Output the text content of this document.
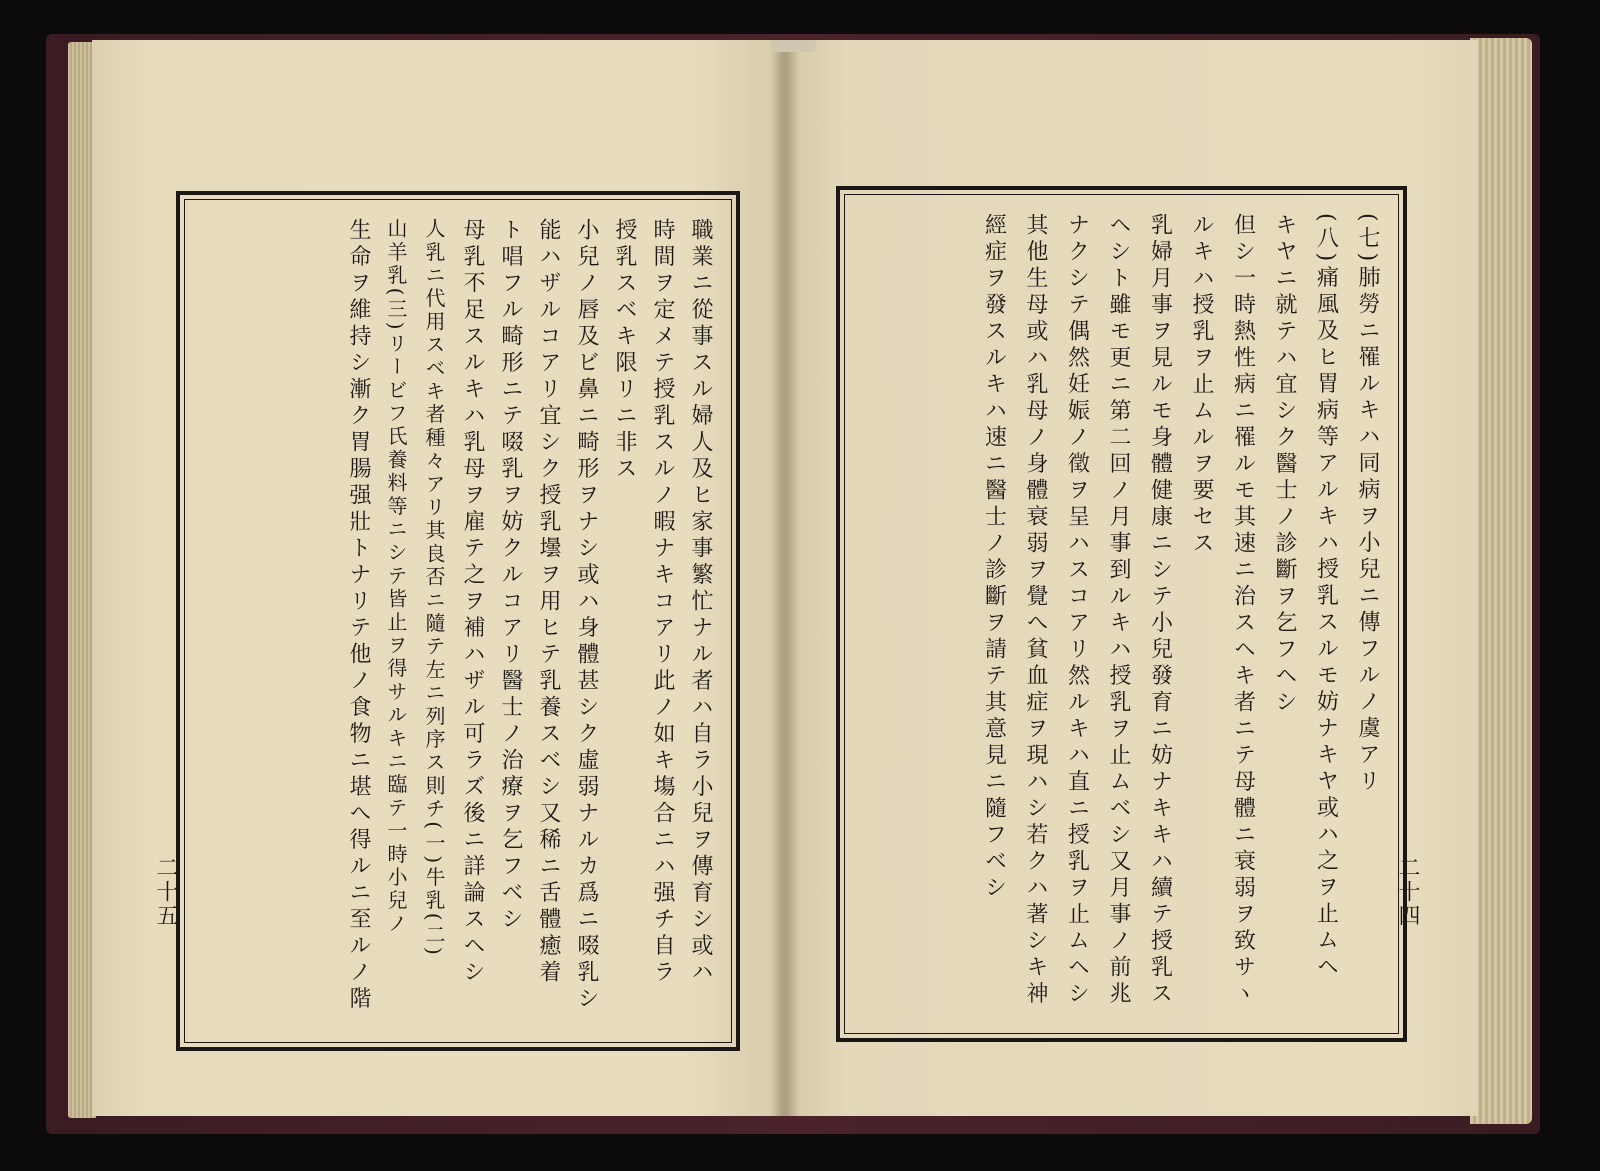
職業ニ從事スル婦人及ヒ家事繁忙ナル者ハ自ラ小兒ヲ傳育シ或ハ
時間ヲ定メテ授乳スルノ暇ナキコアリ此ノ如キ塲合ニハ强チ自ラ
授乳スベキ限リニ非ス
小兒ノ唇及ビ鼻ニ畸形ヲナシ或ハ身體甚シク虛弱ナルカ爲ニ啜乳シ
能ハザルコアリ宜シク授乳壜ヲ用ヒテ乳養スベシ又稀ニ舌體癒着
ト唱フル畸形ニテ啜乳ヲ妨クルコアリ醫士ノ治療ヲ乞フベシ
母乳不足スルキハ乳母ヲ雇テ之ヲ補ハザル可ラズ後ニ詳論スヘシ
人乳ニ代用スベキ者種々アリ其良否ニ隨テ左ニ列序ス則チ(一)牛乳(二)
山羊乳(三)リービフ氏養料等ニシテ皆止ヲ得サルキニ臨テ一時小兒ノ
生命ヲ維持シ漸ク胃腸强壯トナリテ他ノ食物ニ堪へ得ルニ至ルノ階
二十五
(七)肺勞ニ罹ルキハ同病ヲ小兒ニ傳フルノ虞アリ
(八)痛風及ヒ胃病等アルキハ授乳スルモ妨ナキヤ或ハ之ヲ止ムヘ
キヤニ就テハ宜シク醫士ノ診斷ヲ乞フヘシ
但シ一時熱性病ニ罹ルモ其速ニ治スヘキ者ニテ母體ニ衰弱ヲ致サヽ
ルキハ授乳ヲ止ムルヲ要セス
乳婦月事ヲ見ルモ身體健康ニシテ小兒發育ニ妨ナキキハ續テ授乳ス
ヘシト雖モ更ニ第二回ノ月事到ルキハ授乳ヲ止ムベシ又月事ノ前兆
ナクシテ偶然妊娠ノ徵ヲ呈ハスコアリ然ルキハ直ニ授乳ヲ止ムヘシ
其他生母或ハ乳母ノ身體衰弱ヲ覺へ貧血症ヲ現ハシ若クハ著シキ神
經症ヲ發スルキハ速ニ醫士ノ診斷ヲ請テ其意見ニ隨フベシ	二十四
